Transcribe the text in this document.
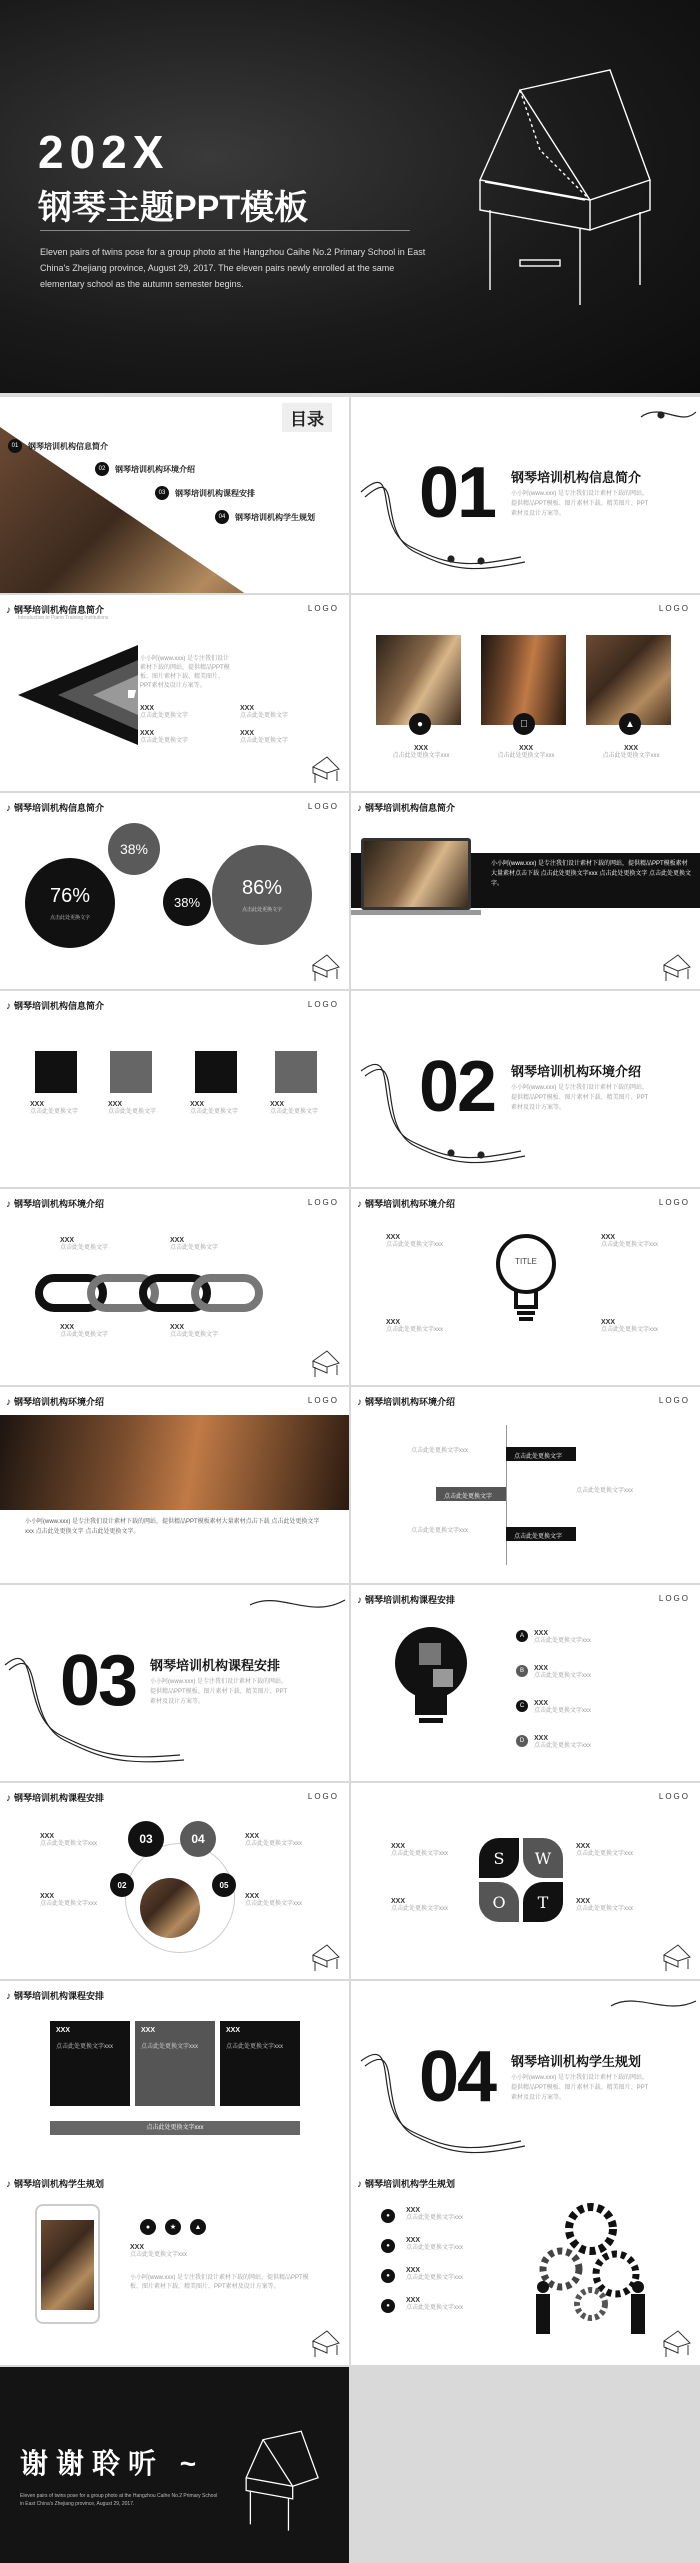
202X
钢琴主题PPT模板
Eleven pairs of twins pose for a group photo at the Hangzhou Caihe No.2 Primary School in East China's Zhejiang province, August 29, 2017. The eleven pairs newly enrolled at the same elementary school as the autumn semester begins.
目录
01	钢琴培训机构信息简介
02	钢琴培训机构环境介绍
03	钢琴培训机构课程安排
04	钢琴培训机构学生规划 01 钢琴培训机构信息简介
小小阿(www.xxx) 是专注我们设计素材下载的网站，提供精品PPT模板、图片素材下载、精美图片、PPT素材及设计方案等。
♪ 钢琴培训机构信息简介
Introduction to Piano Training Institutions
LOGO
小小阿(www.xxx) 是专注我们设计素材下载的网站，提供精品PPT模板、图片素材下载、精美图片、PPT素材及设计方案等。
XXX
点击此处更换文字
XXX
点击此处更换文字
XXX
点击此处更换文字
XXX
点击此处更换文字
LOGO
●	▲
XXX
点击此处更换文字xxx
XXX
点击此处更换文字xxx
XXX
点击此处更换文字xxx
♪ 钢琴培训机构信息简介	LOGO
38%
76%
点击此处更换文字
38%
86%
点击此处更换文字
♪ 钢琴培训机构信息简介
小小阿(www.xxx) 是专注我们设计素材下载的网站，提供精品PPT模板素材大量素材点击下载 点击此处更换文字xxx 点击此处更换文字 点击此处更换文字。
♪ 钢琴培训机构信息简介	LOGO
XXX
点击此处更换文字
XXX
点击此处更换文字
XXX
点击此处更换文字
XXX
点击此处更换文字 02 钢琴培训机构环境介绍
小小阿(www.xxx) 是专注我们设计素材下载的网站，提供精品PPT模板、图片素材下载、精美图片、PPT素材及设计方案等。
♪ 钢琴培训机构环境介绍	LOGO
XXX
点击此处更换文字
XXX
点击此处更换文字
XXX
点击此处更换文字
XXX
点击此处更换文字
♪ 钢琴培训机构环境介绍	LOGO
TITLE
XXX
点击此处更换文字xxx
XXX
点击此处更换文字xxx
XXX
点击此处更换文字xxx
XXX
点击此处更换文字xxx
♪ 钢琴培训机构环境介绍	LOGO
小小阿(www.xxx) 是专注我们设计素材下载的网站，提供精品PPT模板素材大量素材点击下载 点击此处更换文字xxx 点击此处更换文字 点击此处更换文字。
♪ 钢琴培训机构环境介绍	LOGO
点击此处更换文字
点击此处更换文字
点击此处更换文字
点击此处更换文字xxx
点击此处更换文字xxx
点击此处更换文字xxx
03 钢琴培训机构课程安排
小小阿(www.xxx) 是专注我们设计素材下载的网站，提供精品PPT模板、图片素材下载、精美图片、PPT素材及设计方案等。
♪ 钢琴培训机构课程安排	LOGO
A	XXX
点击此处更换文字xxx
B	XXX
点击此处更换文字xxx
C	XXX
点击此处更换文字xxx
D	XXX
点击此处更换文字xxx
♪ 钢琴培训机构课程安排	LOGO
03	04
02	05
XXX
点击此处更换文字xxx
XXX
点击此处更换文字xxx
XXX
点击此处更换文字xxx
XXX
点击此处更换文字xxx
LOGO
S	W
O	T
XXX
点击此处更换文字xxx
XXX
点击此处更换文字xxx
XXX
点击此处更换文字xxx
XXX
点击此处更换文字xxx
♪ 钢琴培训机构课程安排
XXX
点击此处更换文字xxx
XXX
点击此处更换文字xxx
XXX
点击此处更换文字xxx
点击此处更换文字xxx
04 钢琴培训机构学生规划
小小阿(www.xxx) 是专注我们设计素材下载的网站，提供精品PPT模板、图片素材下载、精美图片、PPT素材及设计方案等。
♪ 钢琴培训机构学生规划
●	★	▲
XXX
点击此处更换文字xxx
小小阿(www.xxx) 是专注我们设计素材下载的网站，提供精品PPT模板、图片素材下载、精美图片、PPT素材及设计方案等。
♪ 钢琴培训机构学生规划
●
●
●
●
XXX
点击此处更换文字xxx
XXX
点击此处更换文字xxx
XXX
点击此处更换文字xxx
XXX
点击此处更换文字xxx
谢谢聆听 ~
Eleven pairs of twins pose for a group photo at the Hangzhou Caihe No.2 Primary School in East China's Zhejiang province, August 29, 2017.
